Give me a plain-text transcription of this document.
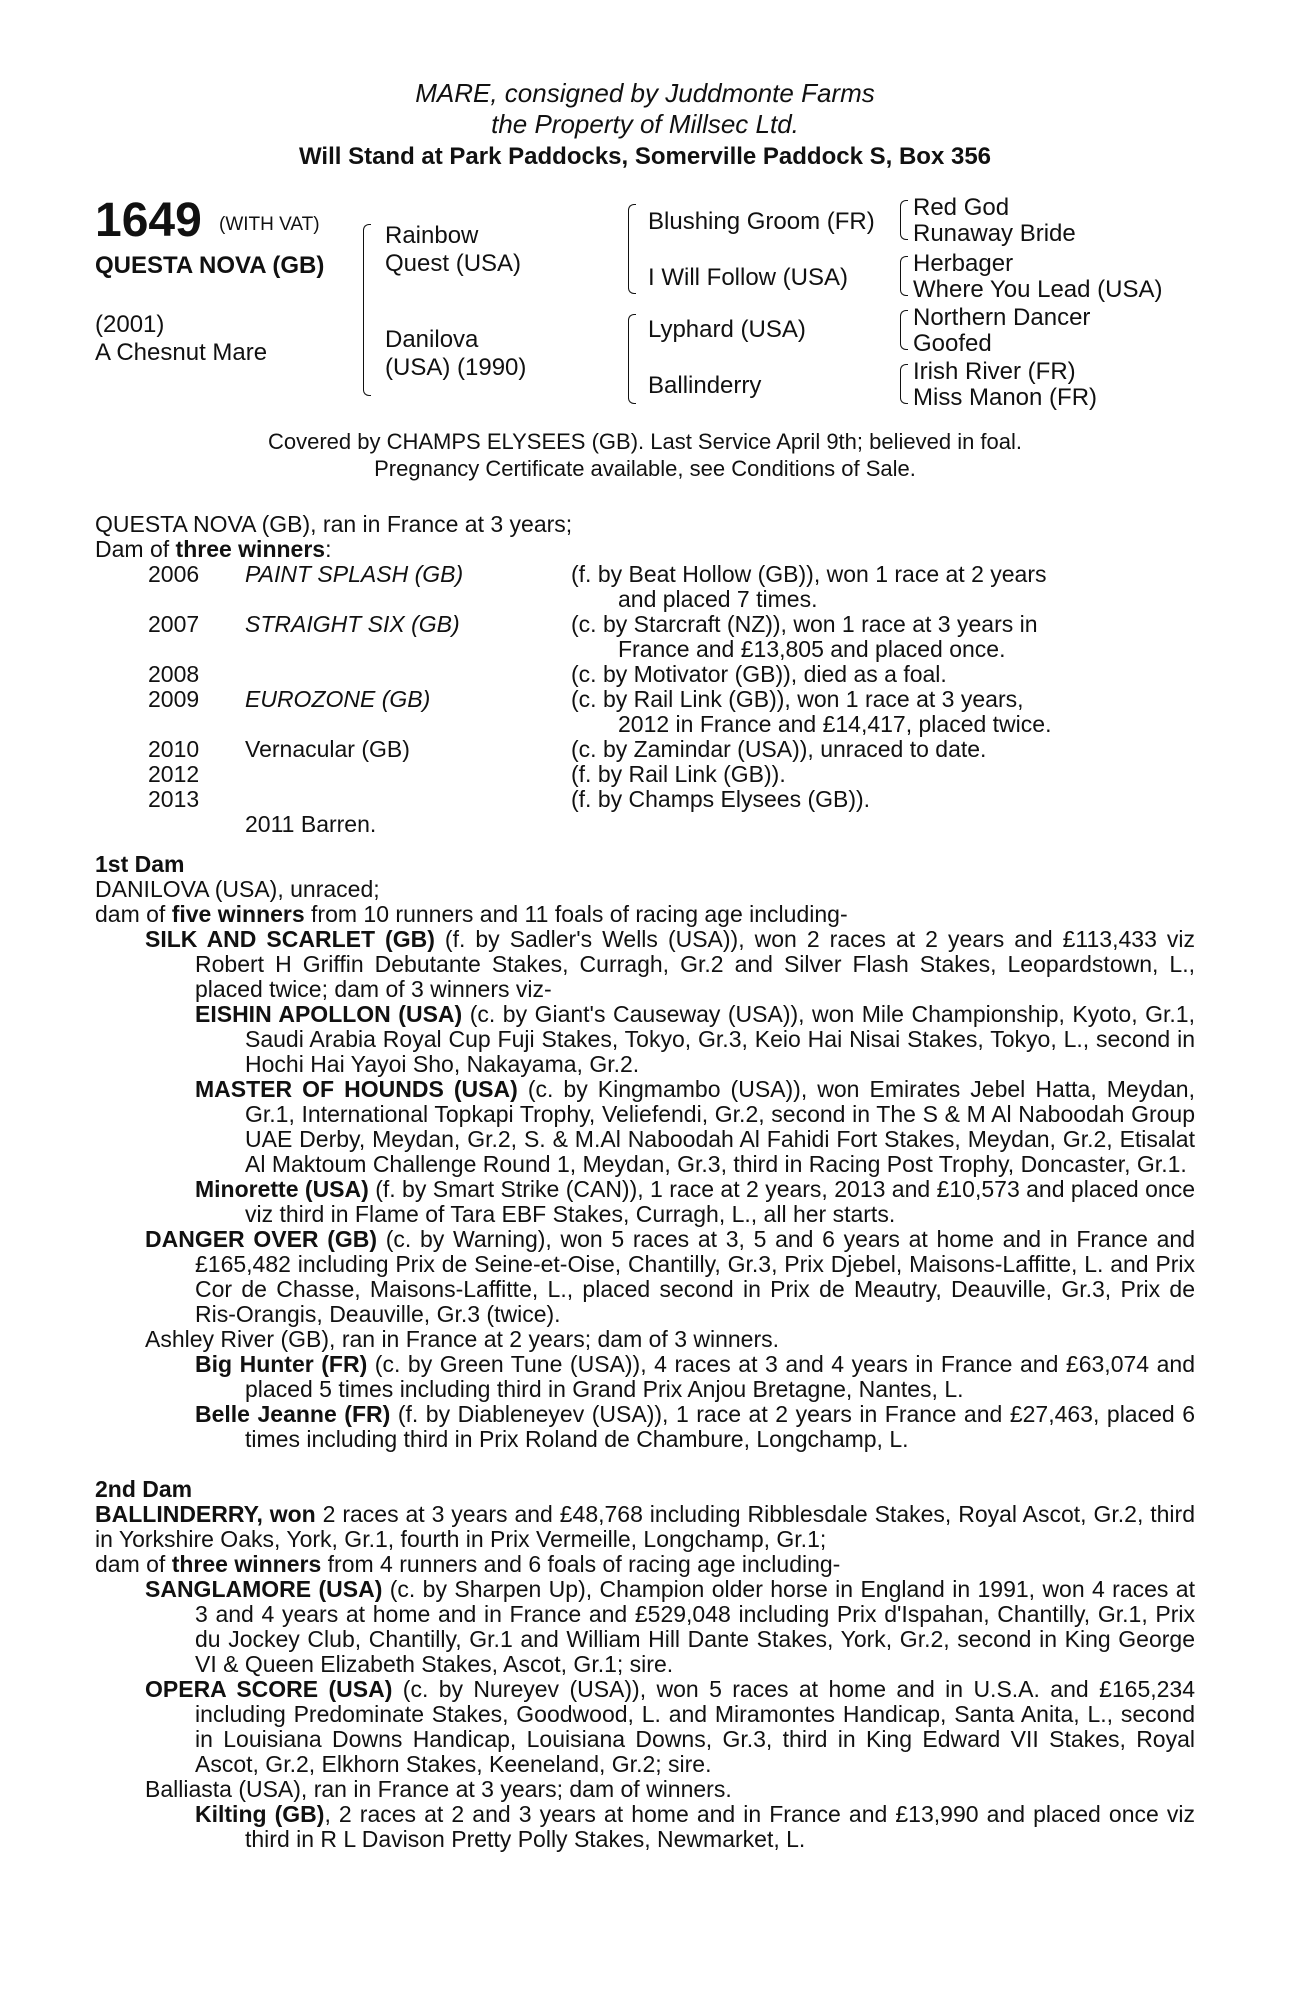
MARE, consigned by Juddmonte Farms
the Property of Millsec Ltd.
Will Stand at Park Paddocks, Somerville Paddock S, Box 356
1649 (WITH VAT)
QUESTA NOVA (GB)
(2001)
A Chesnut Mare
Rainbow Quest (USA)
Danilova (USA) (1990)
Blushing Groom (FR)
I Will Follow (USA)
Lyphard (USA)
Ballinderry
Red God
Runaway Bride
Herbager
Where You Lead (USA)
Northern Dancer
Goofed
Irish River (FR)
Miss Manon (FR)
Covered by CHAMPS ELYSEES (GB). Last Service April 9th; believed in foal.
Pregnancy Certificate available, see Conditions of Sale.
QUESTA NOVA (GB), ran in France at 3 years;
Dam of three winners:
2006 PAINT SPLASH (GB)	(f. by Beat Hollow (GB)), won 1 race at 2 years
and placed 7 times.
2007 STRAIGHT SIX (GB)	(c. by Starcraft (NZ)), won 1 race at 3 years in
France and £13,805 and placed once.
2008	(c. by Motivator (GB)), died as a foal.
2009 EUROZONE (GB)	(c. by Rail Link (GB)), won 1 race at 3 years,
2012 in France and £14,417, placed twice.
2010 Vernacular (GB)	(c. by Zamindar (USA)), unraced to date.
2012	(f. by Rail Link (GB)).
2013	(f. by Champs Elysees (GB)).
2011 Barren.
1st Dam
DANILOVA (USA), unraced;
dam of five winners from 10 runners and 11 foals of racing age including-
SILK AND SCARLET (GB) (f. by Sadler's Wells (USA)), won 2 races at 2 years and £113,433 viz Robert H Griffin Debutante Stakes, Curragh, Gr.2 and Silver Flash Stakes, Leopardstown, L., placed twice; dam of 3 winners viz-
EISHIN APOLLON (USA) (c. by Giant's Causeway (USA)), won Mile Championship, Kyoto, Gr.1, Saudi Arabia Royal Cup Fuji Stakes, Tokyo, Gr.3, Keio Hai Nisai Stakes, Tokyo, L., second in Hochi Hai Yayoi Sho, Nakayama, Gr.2.
MASTER OF HOUNDS (USA) (c. by Kingmambo (USA)), won Emirates Jebel Hatta, Meydan, Gr.1, International Topkapi Trophy, Veliefendi, Gr.2, second in The S & M Al Naboodah Group UAE Derby, Meydan, Gr.2, S. & M.Al Naboodah Al Fahidi Fort Stakes, Meydan, Gr.2, Etisalat Al Maktoum Challenge Round 1, Meydan, Gr.3, third in Racing Post Trophy, Doncaster, Gr.1.
Minorette (USA) (f. by Smart Strike (CAN)), 1 race at 2 years, 2013 and £10,573 and placed once viz third in Flame of Tara EBF Stakes, Curragh, L., all her starts.
DANGER OVER (GB) (c. by Warning), won 5 races at 3, 5 and 6 years at home and in France and £165,482 including Prix de Seine-et-Oise, Chantilly, Gr.3, Prix Djebel, Maisons-Laffitte, L. and Prix Cor de Chasse, Maisons-Laffitte, L., placed second in Prix de Meautry, Deauville, Gr.3, Prix de Ris-Orangis, Deauville, Gr.3 (twice).
Ashley River (GB), ran in France at 2 years; dam of 3 winners.
Big Hunter (FR) (c. by Green Tune (USA)), 4 races at 3 and 4 years in France and £63,074 and placed 5 times including third in Grand Prix Anjou Bretagne, Nantes, L.
Belle Jeanne (FR) (f. by Diableneyev (USA)), 1 race at 2 years in France and £27,463, placed 6 times including third in Prix Roland de Chambure, Longchamp, L.
2nd Dam
BALLINDERRY, won 2 races at 3 years and £48,768 including Ribblesdale Stakes, Royal Ascot, Gr.2, third in Yorkshire Oaks, York, Gr.1, fourth in Prix Vermeille, Longchamp, Gr.1;
dam of three winners from 4 runners and 6 foals of racing age including-
SANGLAMORE (USA) (c. by Sharpen Up), Champion older horse in England in 1991, won 4 races at 3 and 4 years at home and in France and £529,048 including Prix d'Ispahan, Chantilly, Gr.1, Prix du Jockey Club, Chantilly, Gr.1 and William Hill Dante Stakes, York, Gr.2, second in King George VI & Queen Elizabeth Stakes, Ascot, Gr.1; sire.
OPERA SCORE (USA) (c. by Nureyev (USA)), won 5 races at home and in U.S.A. and £165,234 including Predominate Stakes, Goodwood, L. and Miramontes Handicap, Santa Anita, L., second in Louisiana Downs Handicap, Louisiana Downs, Gr.3, third in King Edward VII Stakes, Royal Ascot, Gr.2, Elkhorn Stakes, Keeneland, Gr.2; sire.
Balliasta (USA), ran in France at 3 years; dam of winners.
Kilting (GB), 2 races at 2 and 3 years at home and in France and £13,990 and placed once viz third in R L Davison Pretty Polly Stakes, Newmarket, L.
